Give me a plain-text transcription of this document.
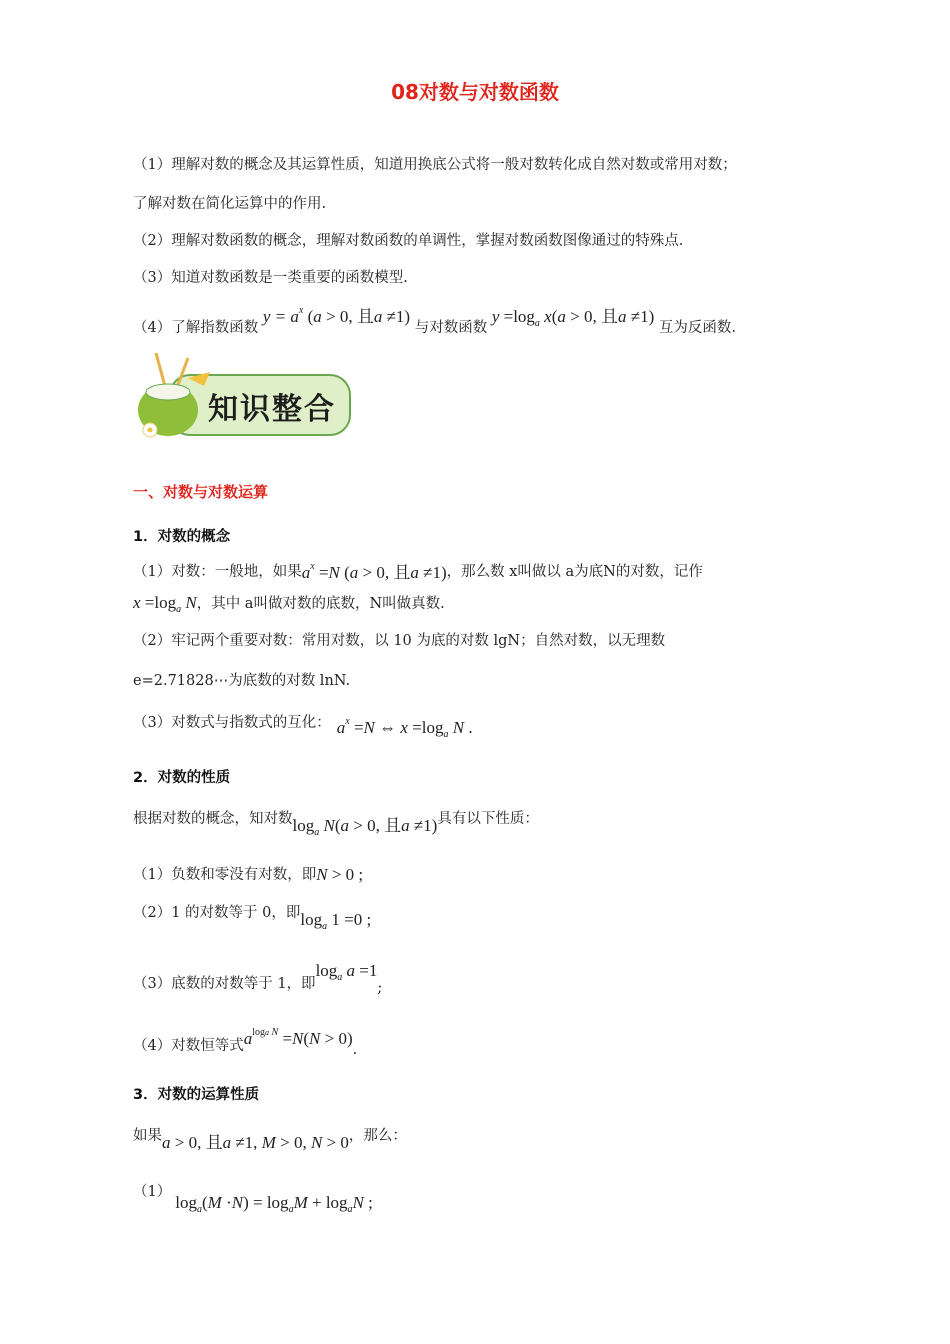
08对数与对数函数
（1）理解对数的概念及其运算性质，知道用换底公式将一般对数转化成自然对数或常用对数；
了解对数在简化运算中的作用.
（2）理解对数函数的概念，理解对数函数的单调性，掌握对数函数图像通过的特殊点.
（3）知道对数函数是一类重要的函数模型.
（4）了解指数函数 $y = a^x$ (a > 0, 且a ≠1) 与对数函数 $y =\log_a$ x(a > 0, 且a ≠1) 互为反函数.
知识整合
一、对数与对数运算
1．对数的概念
（1）对数：一般地，如果$a^x =N$ (a > 0, 且a ≠1)，那么数 x叫做以 a为底N的对数，记作
$x =\log_a$ N，其中 a叫做对数的底数，N叫做真数.
（2）牢记两个重要对数：常用对数，以 10 为底的对数 lgN；自然对数，以无理数
e=2.71828⋯为底数的对数 lnN.
（3）对数式与指数式的互化： $a^x =N$ ⇔ $x =\log_a$ N .
2．对数的性质
根据对数的概念，知对数$\log_a N(a > 0$, 且a ≠1)具有以下性质：
（1）负数和零没有对数，即N > 0 ;
（2）1 的对数等于 0，即$\log_a 1 =0$ ;
（3）底数的对数等于 1，即$\log_a a =1$;
（4）对数恒等式$a^{loga N} =N(N > 0)$.
3．对数的运算性质
如果a > 0, 且a ≠1, M > 0, N > 0，那么：
$(1)\log_a(M \cdot N) = \log_aM + \log_aN$ ;
